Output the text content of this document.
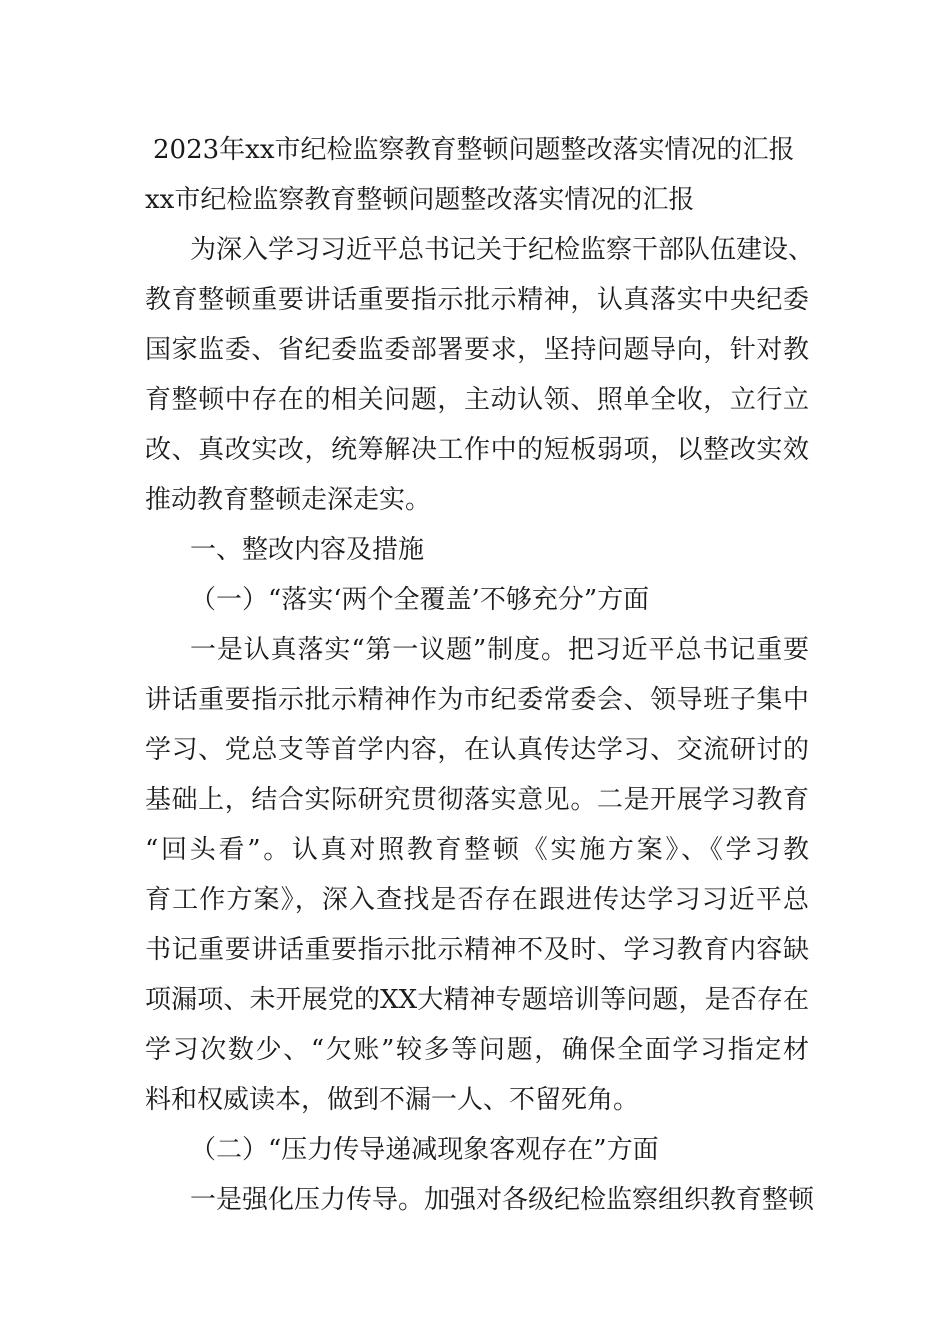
2023年xx市纪检监察教育整顿问题整改落实情况的汇报
xx市纪检监察教育整顿问题整改落实情况的汇报
为深入学习习近平总书记关于纪检监察干部队伍建设、
教育整顿重要讲话重要指示批示精神，认真落实中央纪委
国家监委、省纪委监委部署要求，坚持问题导向，针对教
育整顿中存在的相关问题，主动认领、照单全收，立行立
改、真改实改，统筹解决工作中的短板弱项，以整改实效
推动教育整顿走深走实。
一、整改内容及措施
（一）“落实‘两个全覆盖’不够充分”方面
一是认真落实“第一议题”制度。把习近平总书记重要
讲话重要指示批示精神作为市纪委常委会、领导班子集中
学习、党总支等首学内容，在认真传达学习、交流研讨的
基础上，结合实际研究贯彻落实意见。二是开展学习教育
“回头看”。认真对照教育整顿《实施方案》、《学习教
育工作方案》，深入查找是否存在跟进传达学习习近平总
书记重要讲话重要指示批示精神不及时、学习教育内容缺
项漏项、未开展党的XX大精神专题培训等问题，是否存在
学习次数少、“欠账”较多等问题，确保全面学习指定材
料和权威读本，做到不漏一人、不留死角。
（二）“压力传导递减现象客观存在”方面
一是强化压力传导。加强对各级纪检监察组织教育整顿
